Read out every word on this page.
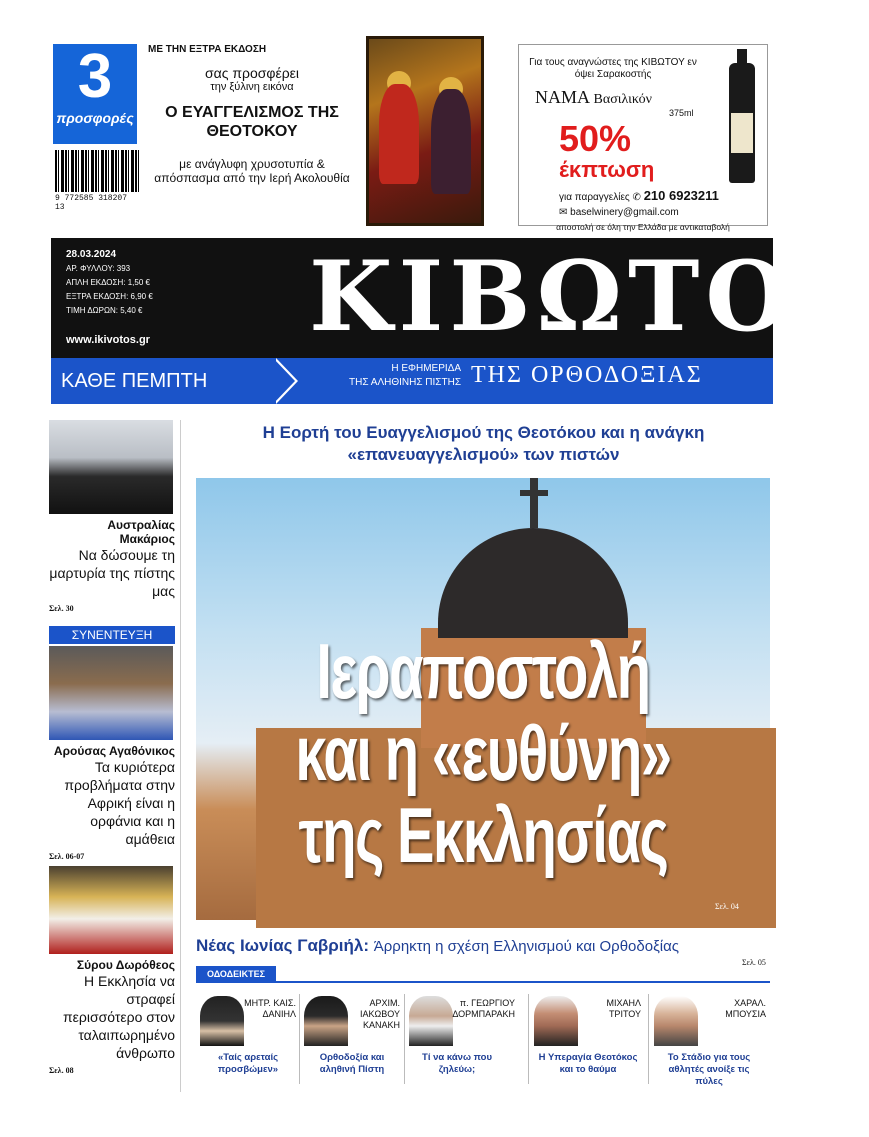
3
προσφορές
9 772585 318207 13
ΜΕ ΤΗΝ ΕΞΤΡΑ ΕΚΔΟΣΗ
σας προσφέρει
την ξύλινη εικόνα
Ο ΕΥΑΓΓΕΛΙΣΜΟΣ ΤΗΣ ΘΕΟΤΟΚΟΥ
με ανάγλυφη χρυσοτυπία & απόσπασμα από την Ιερή Ακολουθία
Για τους αναγνώστες της ΚΙΒΩΤΟΥ εν όψει Σαρακοστής
ΝΑΜΑ Βασιλικόν
375ml
50%
έκπτωση
για παραγγελίες ✆ 210 6923211
✉ baselwinery@gmail.com
αποστολή σε όλη την Ελλάδα με αντικαταβολή
28.03.2024
ΑΡ. ΦΥΛΛΟΥ: 393
ΑΠΛΗ ΕΚΔΟΣΗ: 1,50 €
ΕΞΤΡΑ ΕΚΔΟΣΗ: 6,90 €
ΤΙΜΗ ΔΩΡΩΝ: 5,40 €
www.ikivotos.gr ΚΙΒΩΤΟΣ
ΚΑΘΕ ΠΕΜΠΤΗ
Η ΕΦΗΜΕΡΙΔΑ
ΤΗΣ ΑΛΗΘΙΝΗΣ ΠΙΣΤΗΣ ΤΗΣ ΟΡΘΟΔΟΞΙΑΣ
Αυστραλίας Μακάριος
Να δώσουμε τη μαρτυρία της πίστης μας
Σελ. 30
ΣΥΝΕΝΤΕΥΞΗ
Αρούσας Αγαθόνικος
Τα κυριότερα προβλήματα στην Αφρική είναι η ορφάνια και η αμάθεια
Σελ. 06-07
Σύρου Δωρόθεος
Η Εκκλησία να στραφεί περισσότερο στον ταλαιπωρημένο άνθρωπο
Σελ. 08
Η Εορτή του Ευαγγελισμού της Θεοτόκου και η ανάγκη «επανευαγγελισμού» των πιστών
Ιεραποστολή
και η «ευθύνη»
της Εκκλησίας
Σελ. 04
Νέας Ιωνίας Γαβριήλ: Άρρηκτη η σχέση Ελληνισμού και Ορθοδοξίας
Σελ. 05
ΟΔΟΔΕΙΚΤΕΣ
ΜΗΤΡ. ΚΑΙΣ. ΔΑΝΙΗΛ
«Ταίς αρεταίς προσβώμεν»
ΑΡΧΙΜ. ΙΑΚΩΒΟΥ ΚΑΝΑΚΗ
Ορθοδοξία και αληθινή Πίστη
π. ΓΕΩΡΓΙΟΥ ΔΟΡΜΠΑΡΑΚΗ
Τί να κάνω που ζηλεύω;
ΜΙΧΑΗΛ ΤΡΙΤΟΥ
Η Υπεραγία Θεοτόκος και το θαύμα
ΧΑΡΑΛ. ΜΠΟΥΣΙΑ
Το Στάδιο για τους αθλητές ανοίξε τις πύλες
